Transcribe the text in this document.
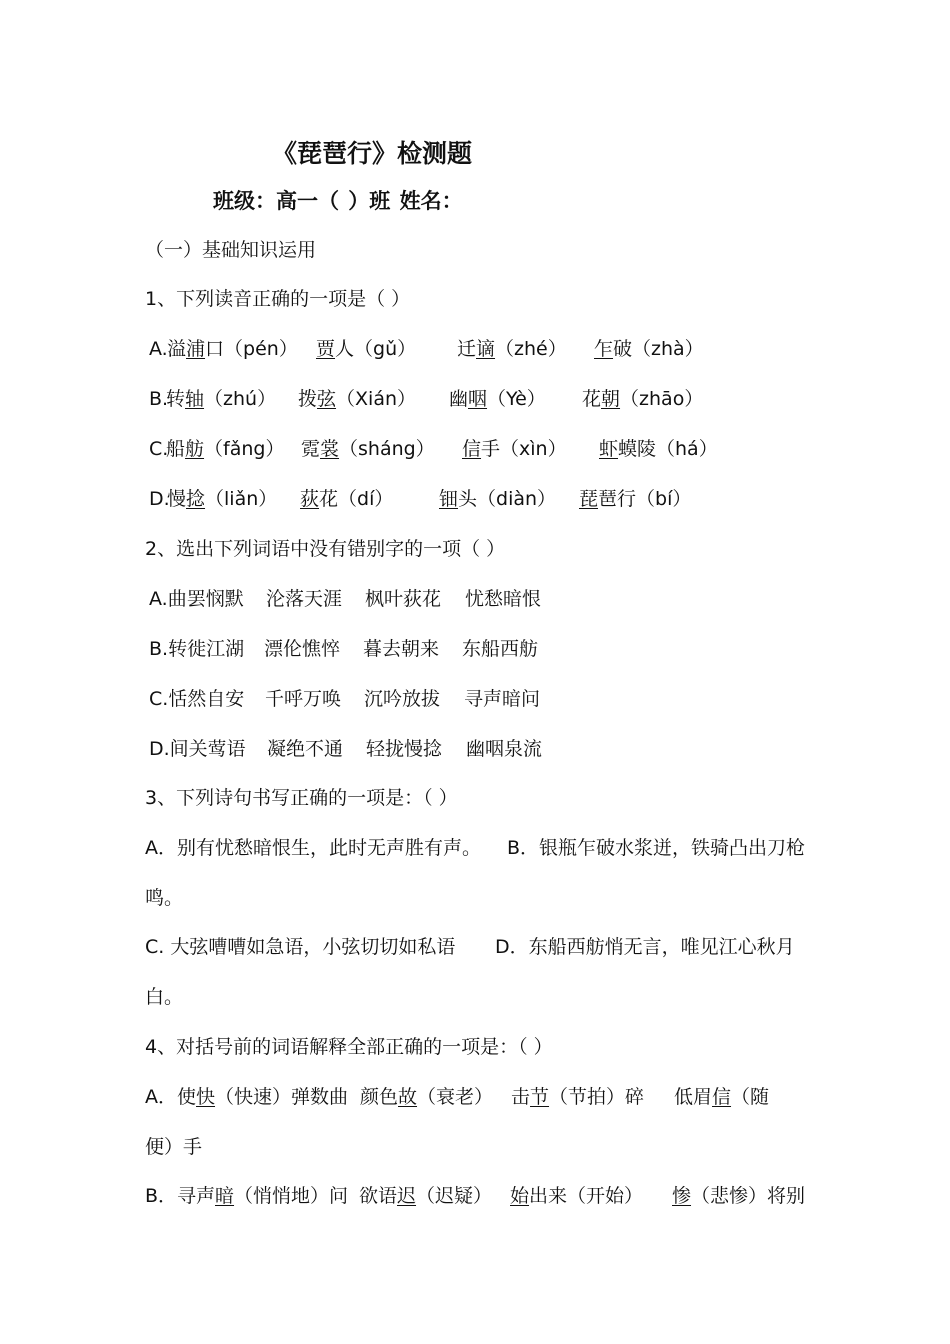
《琵琶行》检测题
班级：高一（ ）班 姓名：
（一）基础知识运用
1、下列读音正确的一项是（ ）
A. 溢浦口（pén） 贾人（gǔ） 迁谪（zhé） 乍破（zhà）
B.
转轴（zhú） 拨弦（Xián） 幽咽（Yè） 花朝（zhāo）
C.
船舫（fǎng） 霓裳（sháng） 信手（xìn） 虾蟆陵（há）
D.
慢捻（liǎn） 荻花（dí） 钿头（diàn） 琵琶行（bí）
2、选出下列词语中没有错别字的一项（ ）
A.曲罢悯默 沦落天涯 枫叶荻花 忧愁暗恨
B.转徙江湖 漂伦憔悴 暮去朝来 东船西舫
C.恬然自安 千呼万唤 沉吟放拔 寻声暗问
D.间关莺语 凝绝不通 轻拢慢捻 幽咽泉流
3、下列诗句书写正确的一项是：（ ）
A．别有忧愁暗恨生，此时无声胜有声。 B．银瓶乍破水浆迸，铁骑凸出刀枪
鸣。
C. 大弦嘈嘈如急语，小弦切切如私语 D．东船西舫悄无言，唯见江心秋月
白。
4、对括号前的词语解释全部正确的一项是：（ ）
A． 使快（快速）弹数曲 颜色故（衰老） 击节（节拍）碎 低眉信（随
便）手
B． 寻声暗（悄悄地）问 欲语迟（迟疑） 始出来（开始） 惨（悲惨）将别
